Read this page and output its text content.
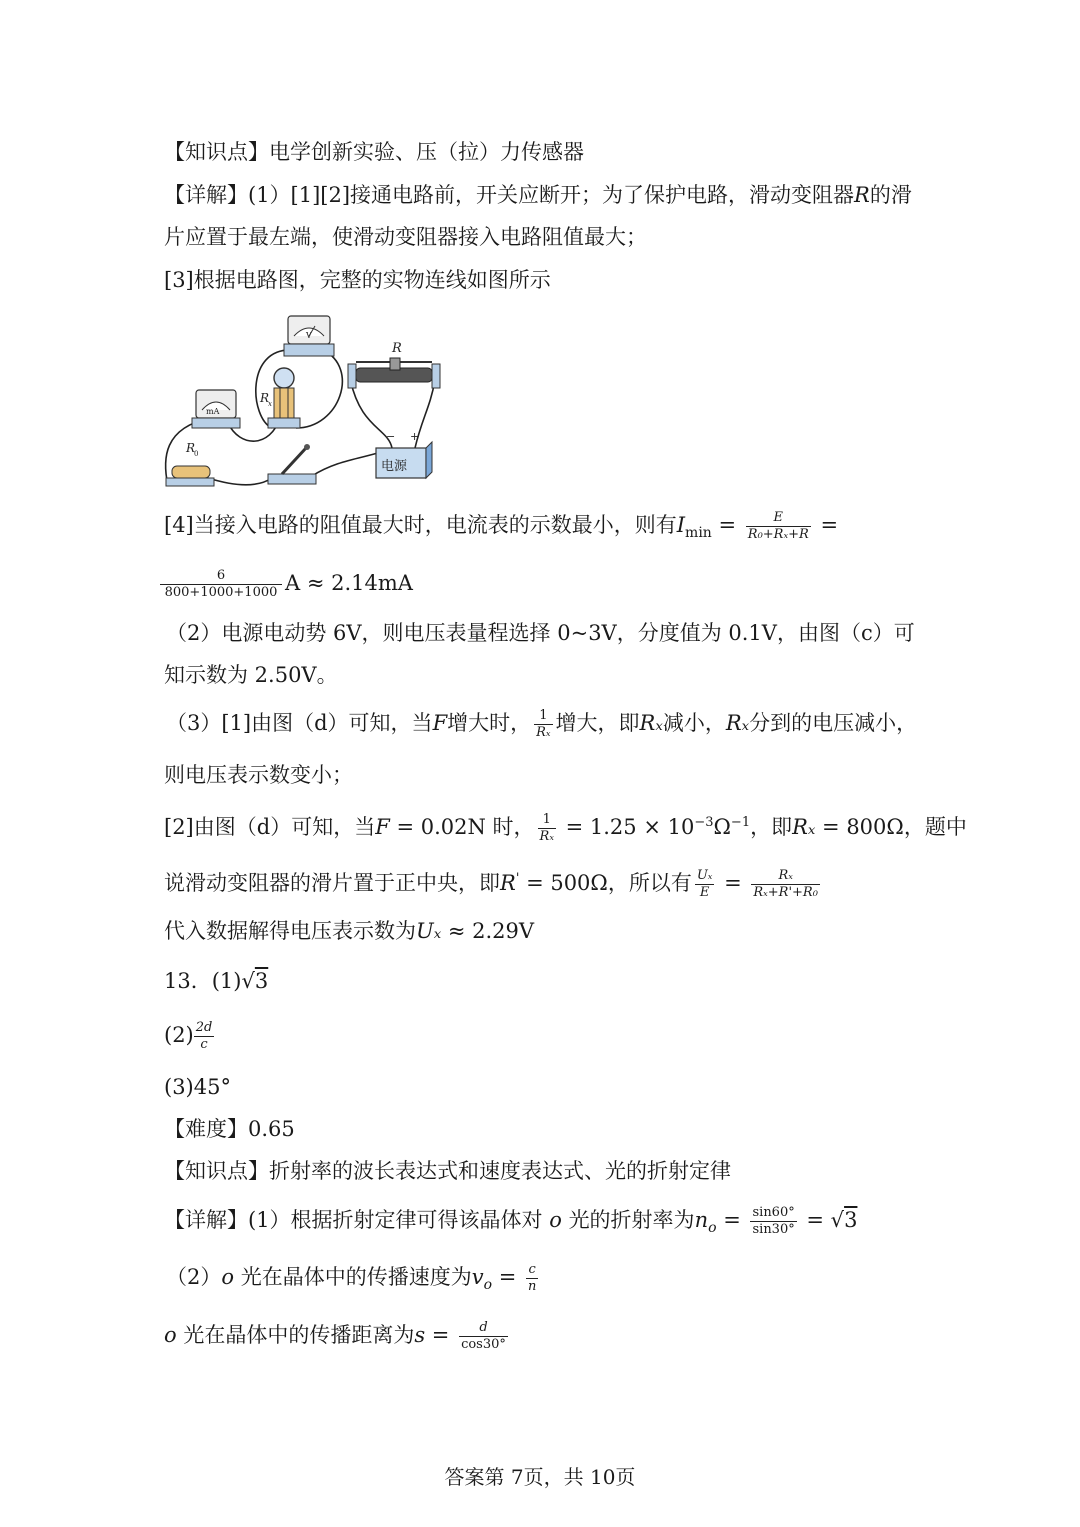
【知识点】电学创新实验、压（拉）力传感器
【详解】(1）[1][2]接通电路前，开关应断开；为了保护电路，滑动变阻器R的滑
片应置于最左端，使滑动变阻器接入电路阻值最大；
[3]根据电路图，完整的实物连线如图所示
V
mA
R
x
R
R
0
电源
− +
[4]当接入电路的阻值最大时，电流表的示数最小，则有$I_{min} = \frac{E}{\text{R₀+Rₓ+R}}$ =
$\frac{6}{800+1000+1000}$ A ≈ 2.14mA
（2）电源电动势 6V，则电压表量程选择 0~3V，分度值为 0.1V，由图（c）可
知示数为 2.50V。
（3）[1]由图（d）可知，当F增大时， $\frac{1}{\text{Rₓ}}$ 增大，即Rₓ减小，Rₓ分到的电压减小，
则电压表示数变小；
[2]由图（d）可知，当F = 0.02N 时， $\frac{1}{\text{Rₓ}} = 1.25 \times 10^{-3}\Omega^{-1}$，即Rₓ = 800Ω，题中
说滑动变阻器的滑片置于正中央，即R' = 500Ω，所以有 $\frac{\text{Uₓ}}{E} = \frac{\text{Rₓ}}{\text{Rₓ+R'+R₀}}$
代入数据解得电压表示数为Uₓ ≈ 2.29V
13．(1)√3
$(2) \frac{2d}{c}$
(3)45°
【难度】0.65
【知识点】折射率的波长表达式和速度表达式、光的折射定律
【详解】(1）根据折射定律可得该晶体对 o 光的折射率为$n_o = \frac{\sin 60^\circ}{\sin 30^\circ} = √3$
（2）o 光在晶体中的传播速度为$v_o = \frac{c}{n}$
o 光在晶体中的传播距离为$s = \frac{d}{\cos 30^\circ}$
答案第 7页，共 10页
